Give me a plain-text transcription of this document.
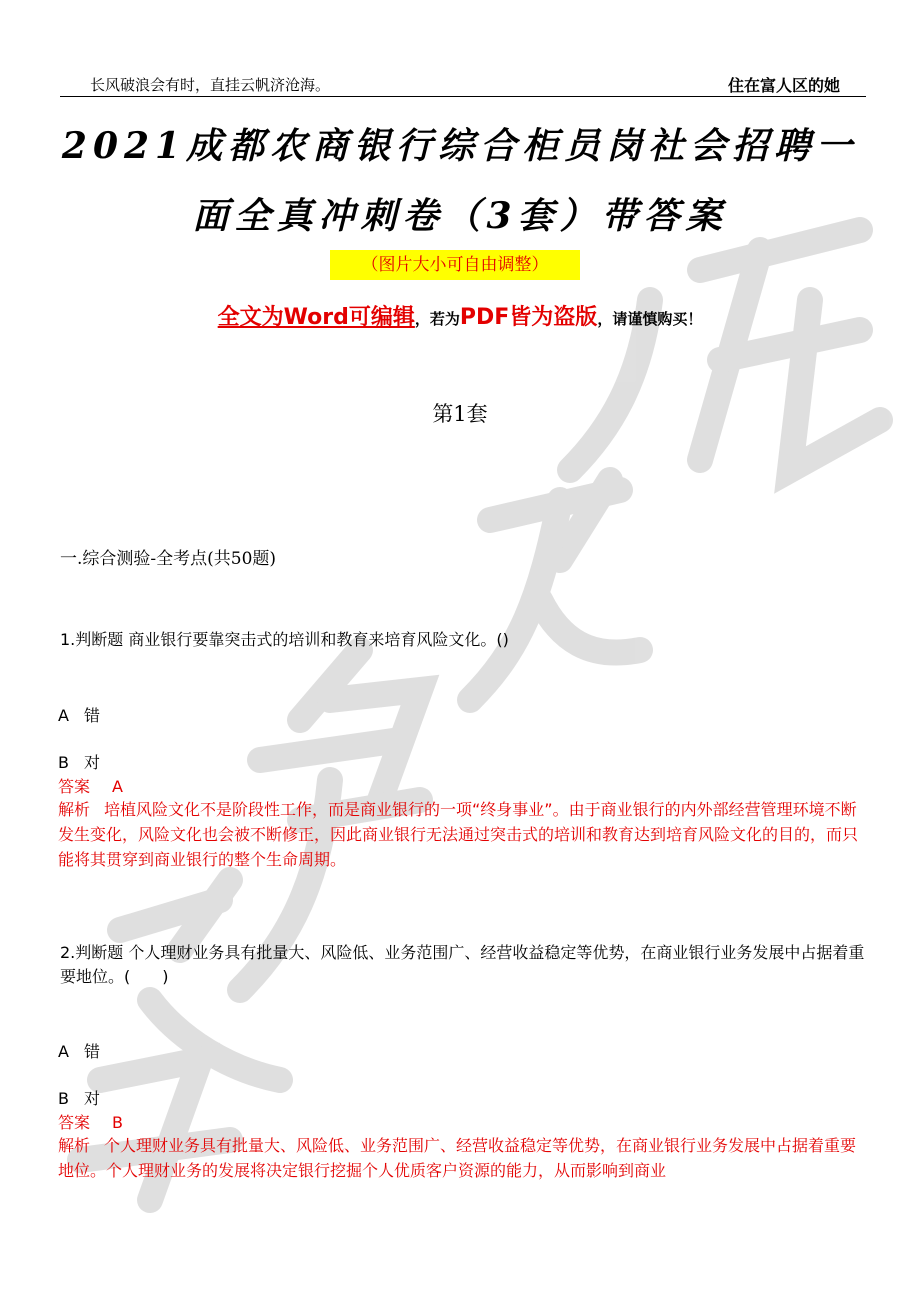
长风破浪会有时，直挂云帆济沧海。	住在富人区的她
2021成都农商银行综合柜员岗社会招聘一
面全真冲刺卷（3套）带答案
（图片大小可自由调整）
全文为Word可编辑，若为PDF皆为盗版，请谨慎购买！
第1套
一.综合测验-全考点(共50题)
1.判断题 商业银行要靠突击式的培训和教育来培育风险文化。()
A 错
B 对
答案 A
解析 培植风险文化不是阶段性工作，而是商业银行的一项“终身事业”。由于商业银行的内外部经营管理环境不断发生变化，风险文化也会被不断修正，因此商业银行无法通过突击式的培训和教育达到培育风险文化的目的，而只能将其贯穿到商业银行的整个生命周期。
2.判断题 个人理财业务具有批量大、风险低、业务范围广、经营收益稳定等优势，在商业银行业务发展中占据着重要地位。(　　)
A 错
B 对
答案 B
解析 个人理财业务具有批量大、风险低、业务范围广、经营收益稳定等优势，在商业银行业务发展中占据着重要地位。个人理财业务的发展将决定银行挖掘个人优质客户资源的能力，从而影响到商业
